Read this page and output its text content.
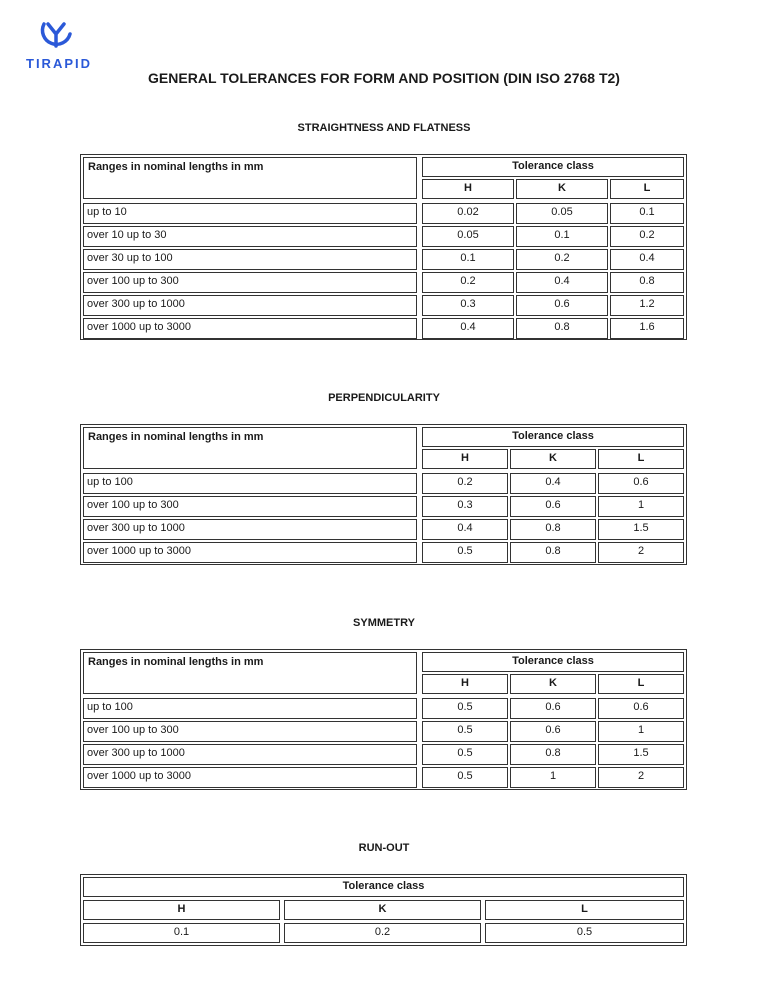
TIRAPID
GENERAL TOLERANCES FOR FORM AND POSITION (DIN ISO 2768 T2)
STRAIGHTNESS AND FLATNESS
Ranges in nominal lengths in mm	Tolerance class
H	K	L
up to 10	0.02	0.05	0.1
over 10 up to 30	0.05	0.1	0.2
over 30 up to 100	0.1	0.2	0.4
over 100 up to 300	0.2	0.4	0.8
over 300 up to 1000	0.3	0.6	1.2
over 1000 up to 3000	0.4	0.8	1.6
PERPENDICULARITY
Ranges in nominal lengths in mm	Tolerance class
H	K	L
up to 100	0.2	0.4	0.6
over 100 up to 300	0.3	0.6	1
over 300 up to 1000	0.4	0.8	1.5
over 1000 up to 3000	0.5	0.8	2
SYMMETRY
Ranges in nominal lengths in mm	Tolerance class
H	K	L
up to 100	0.5	0.6	0.6
over 100 up to 300	0.5	0.6	1
over 300 up to 1000	0.5	0.8	1.5
over 1000 up to 3000	0.5	1	2
RUN-OUT
Tolerance class
H	K	L
0.1	0.2	0.5
